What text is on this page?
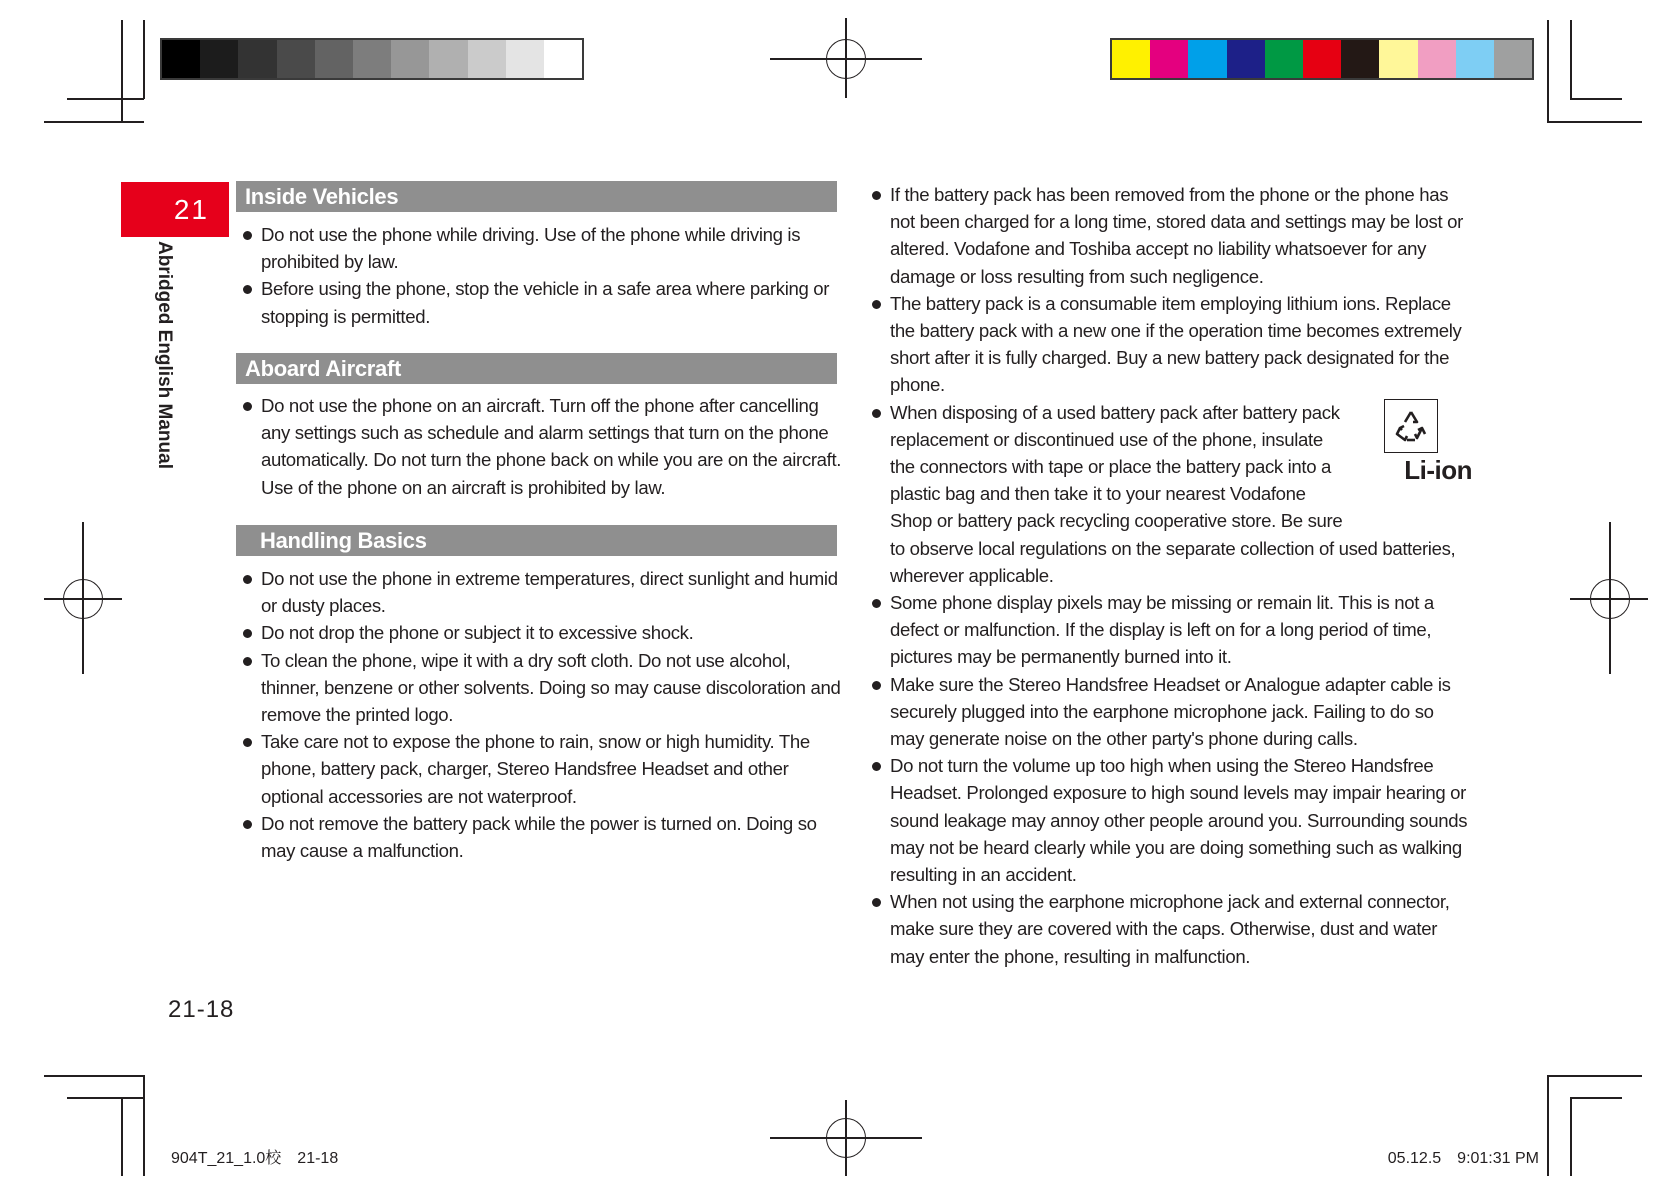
21
Abridged English Manual
Inside Vehicles
Do not use the phone while driving. Use of the phone while driving is prohibited by law.
Before using the phone, stop the vehicle in a safe area where parking or stopping is permitted.
Aboard Aircraft
Do not use the phone on an aircraft. Turn off the phone after cancelling any settings such as schedule and alarm settings that turn on the phone automatically. Do not turn the phone back on while you are on the aircraft. Use of the phone on an aircraft is prohibited by law.
Handling Basics
Do not use the phone in extreme temperatures, direct sunlight and humid or dusty places.
Do not drop the phone or subject it to excessive shock.
To clean the phone, wipe it with a dry soft cloth. Do not use alcohol, thinner, benzene or other solvents. Doing so may cause discoloration and remove the printed logo.
Take care not to expose the phone to rain, snow or high humidity. The phone, battery pack, charger, Stereo Handsfree Headset and other optional accessories are not waterproof.
Do not remove the battery pack while the power is turned on. Doing so may cause a malfunction.
If the battery pack has been removed from the phone or the phone has not been charged for a long time, stored data and settings may be lost or altered. Vodafone and Toshiba accept no liability whatsoever for any damage or loss resulting from such negligence.
The battery pack is a consumable item employing lithium ions. Replace the battery pack with a new one if the operation time becomes extremely short after it is fully charged. Buy a new battery pack designated for the phone.
Li-ion
When disposing of a used battery pack after battery pack replacement or discontinued use of the phone, insulate the connectors with tape or place the battery pack into a plastic bag and then take it to your nearest Vodafone Shop or battery pack recycling cooperative store. Be sure to observe local regulations on the separate collection of used batteries, wherever applicable.
Some phone display pixels may be missing or remain lit. This is not a defect or malfunction. If the display is left on for a long period of time, pictures may be permanently burned into it.
Make sure the Stereo Handsfree Headset or Analogue adapter cable is securely plugged into the earphone microphone jack. Failing to do so may generate noise on the other party's phone during calls.
Do not turn the volume up too high when using the Stereo Handsfree Headset. Prolonged exposure to high sound levels may impair hearing or sound leakage may annoy other people around you. Surrounding sounds may not be heard clearly while you are doing something such as walking resulting in an accident.
When not using the earphone microphone jack and external connector, make sure they are covered with the caps. Otherwise, dust and water may enter the phone, resulting in malfunction.
21-18
904T_21_1.0校　21-18	05.12.5　9:01:31 PM
